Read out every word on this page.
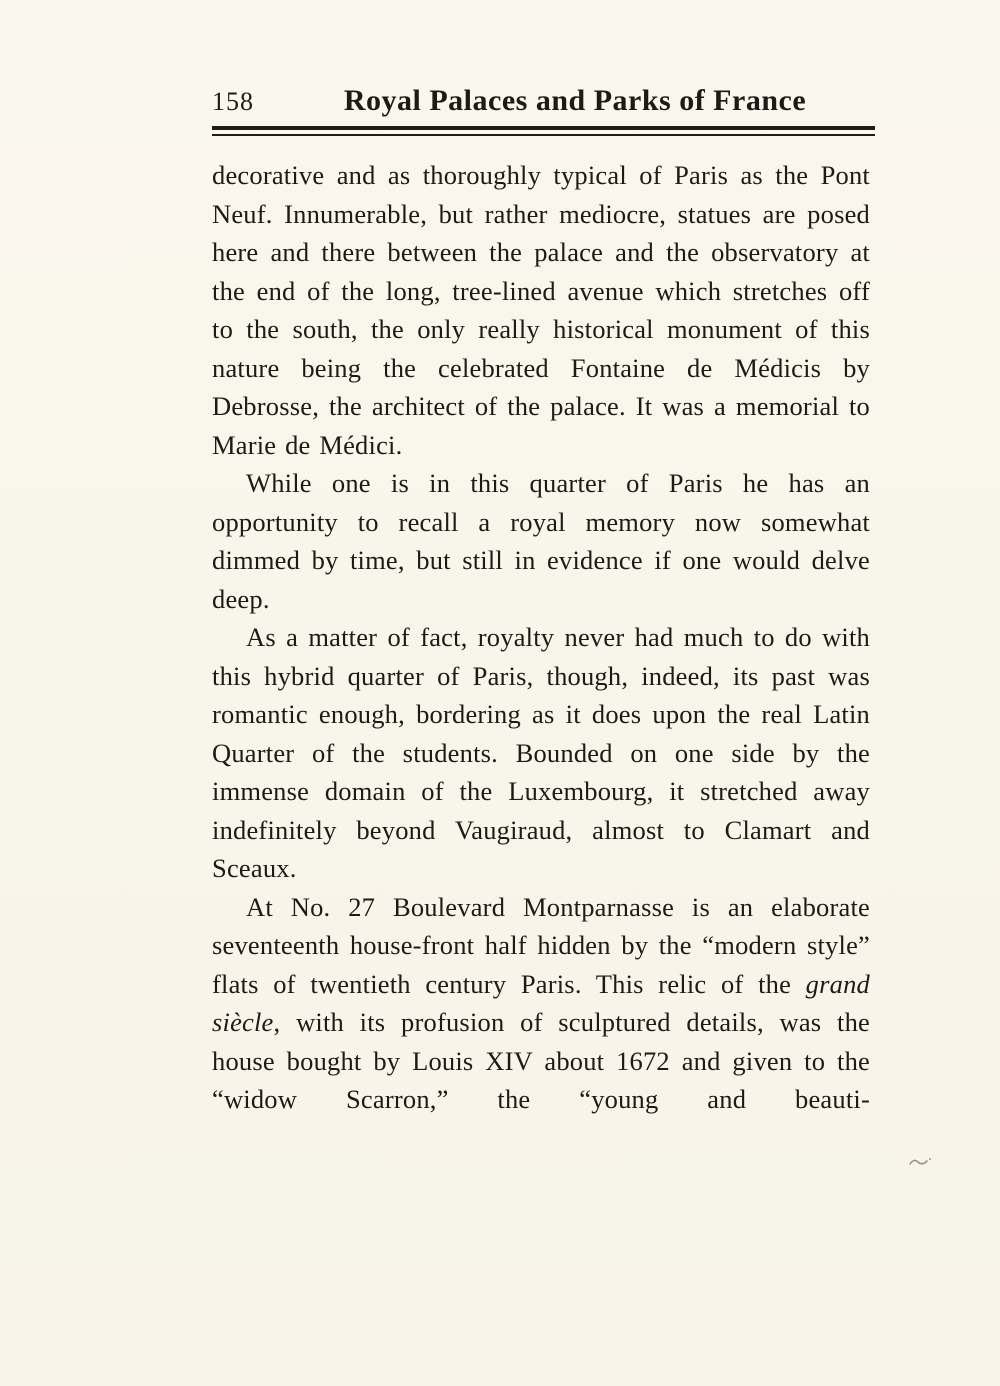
158	Royal Palaces and Parks of France

decorative and as thoroughly typical of Paris as the Pont Neuf. Innumerable, but rather mediocre, statues are posed here and there between the palace and the observatory at the end of the long, tree-lined avenue which stretches off to the south, the only really historical monument of this nature being the celebrated Fontaine de Médicis by Debrosse, the architect of the palace. It was a memorial to Marie de Médici.

While one is in this quarter of Paris he has an opportunity to recall a royal memory now somewhat dimmed by time, but still in evidence if one would delve deep.

As a matter of fact, royalty never had much to do with this hybrid quarter of Paris, though, indeed, its past was romantic enough, bordering as it does upon the real Latin Quarter of the students. Bounded on one side by the immense domain of the Luxembourg, it stretched away indefinitely beyond Vaugiraud, almost to Clamart and Sceaux.

At No. 27 Boulevard Montparnasse is an elaborate seventeenth house-front half hidden by the “modern style” flats of twentieth century Paris. This relic of the grand siècle, with its profusion of sculptured details, was the house bought by Louis XIV about 1672 and given to the “widow Scarron,” the “young and beauti-
